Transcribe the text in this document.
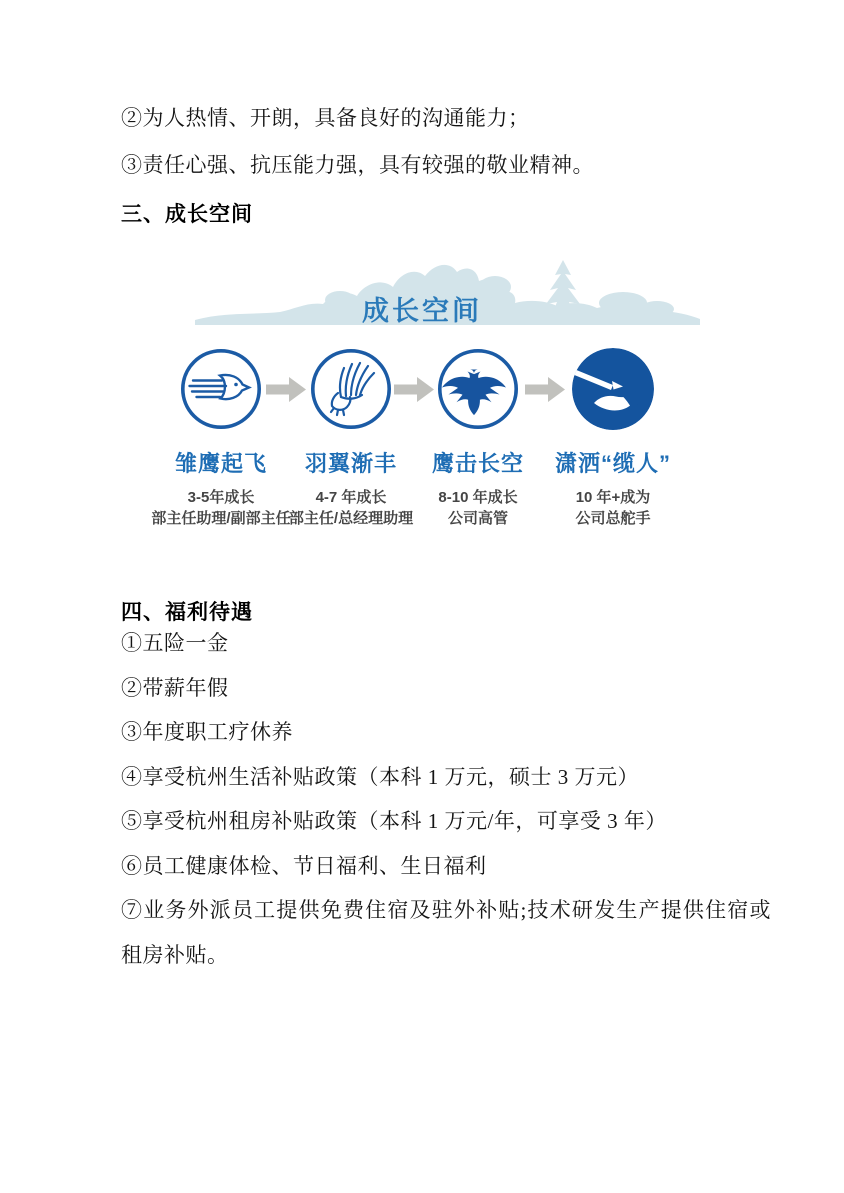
②为人热情、开朗，具备良好的沟通能力；

③责任心强、抗压能力强，具有较强的敬业精神。

三、成长空间
成长空间
雏鹰起飞
3-5年成长
部主任助理/副部主任
羽翼渐丰
4-7 年成长
部主任/总经理助理
鹰击长空
8-10 年成长
公司高管
潇洒“缆人”
10 年+成为
公司总舵手
四、福利待遇

①五险一金

②带薪年假

③年度职工疗休养

④享受杭州生活补贴政策（本科 1 万元，硕士 3 万元）

⑤享受杭州租房补贴政策（本科 1 万元/年，可享受 3 年）

⑥员工健康体检、节日福利、生日福利

⑦业务外派员工提供免费住宿及驻外补贴;技术研发生产提供住宿或租房补贴。
